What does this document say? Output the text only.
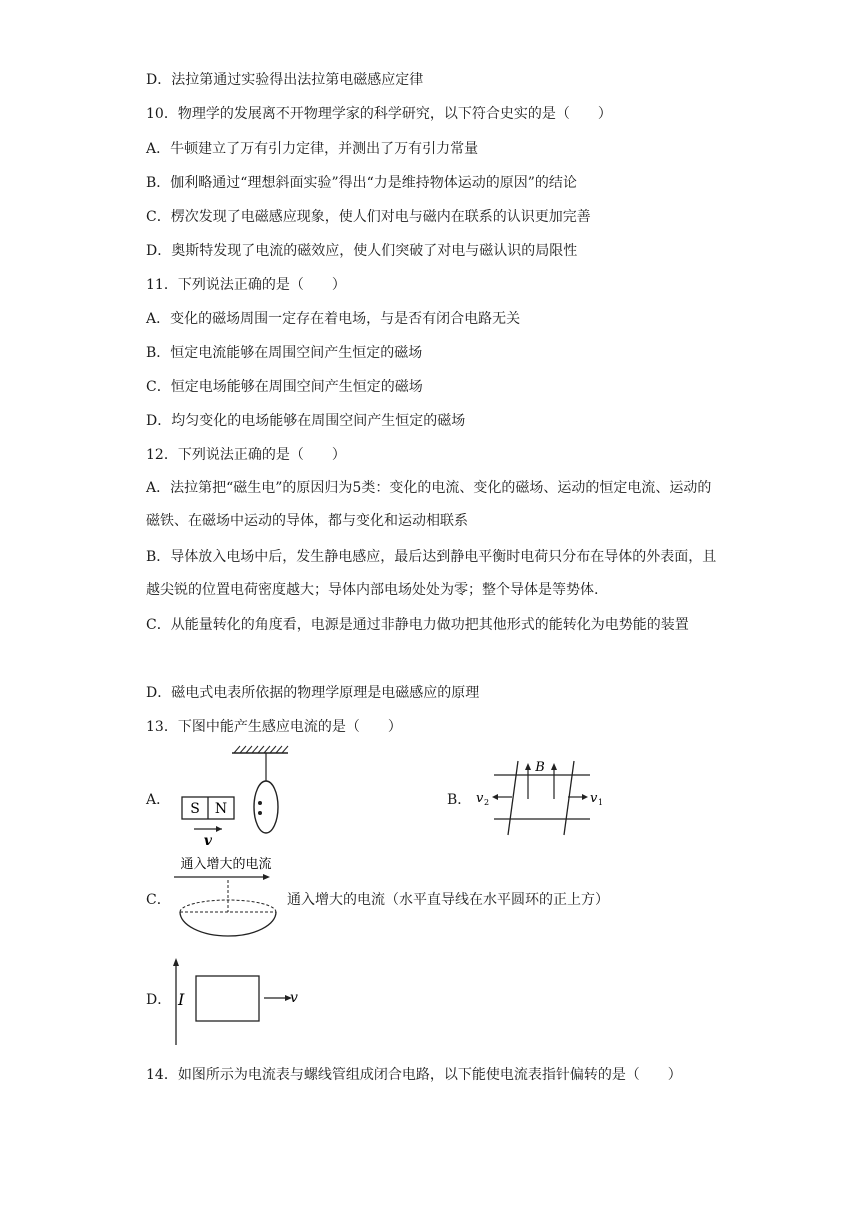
D．法拉第通过实验得出法拉第电磁感应定律
10．物理学的发展离不开物理学家的科学研究，以下符合史实的是（　　）
A．牛顿建立了万有引力定律，并测出了万有引力常量
B．伽利略通过“理想斜面实验”得出“力是维持物体运动的原因”的结论
C．楞次发现了电磁感应现象，使人们对电与磁内在联系的认识更加完善
D．奥斯特发现了电流的磁效应，使人们突破了对电与磁认识的局限性
11．下列说法正确的是（　　）
A．变化的磁场周围一定存在着电场，与是否有闭合电路无关
B．恒定电流能够在周围空间产生恒定的磁场
C．恒定电场能够在周围空间产生恒定的磁场
D．均匀变化的电场能够在周围空间产生恒定的磁场
12．下列说法正确的是（　　）
A．法拉第把“磁生电”的原因归为5类：变化的电流、变化的磁场、运动的恒定电流、运动的磁铁、在磁场中运动的导体，都与变化和运动相联系
B．导体放入电场中后，发生静电感应，最后达到静电平衡时电荷只分布在导体的外表面，且越尖锐的位置电荷密度越大；导体内部电场处处为零；整个导体是等势体.
C．从能量转化的角度看，电源是通过非静电力做功把其他形式的能转化为电势能的装置
D．磁电式电表所依据的物理学原理是电磁感应的原理
13．下图中能产生感应电流的是（　　）
A．
S N
v
B．
B
v 2	v 1
C．
通入增大的电流
通入增大的电流（水平直导线在水平圆环的正上方）
D． I	v
14．如图所示为电流表与螺线管组成闭合电路，以下能使电流表指针偏转的是（　　）
